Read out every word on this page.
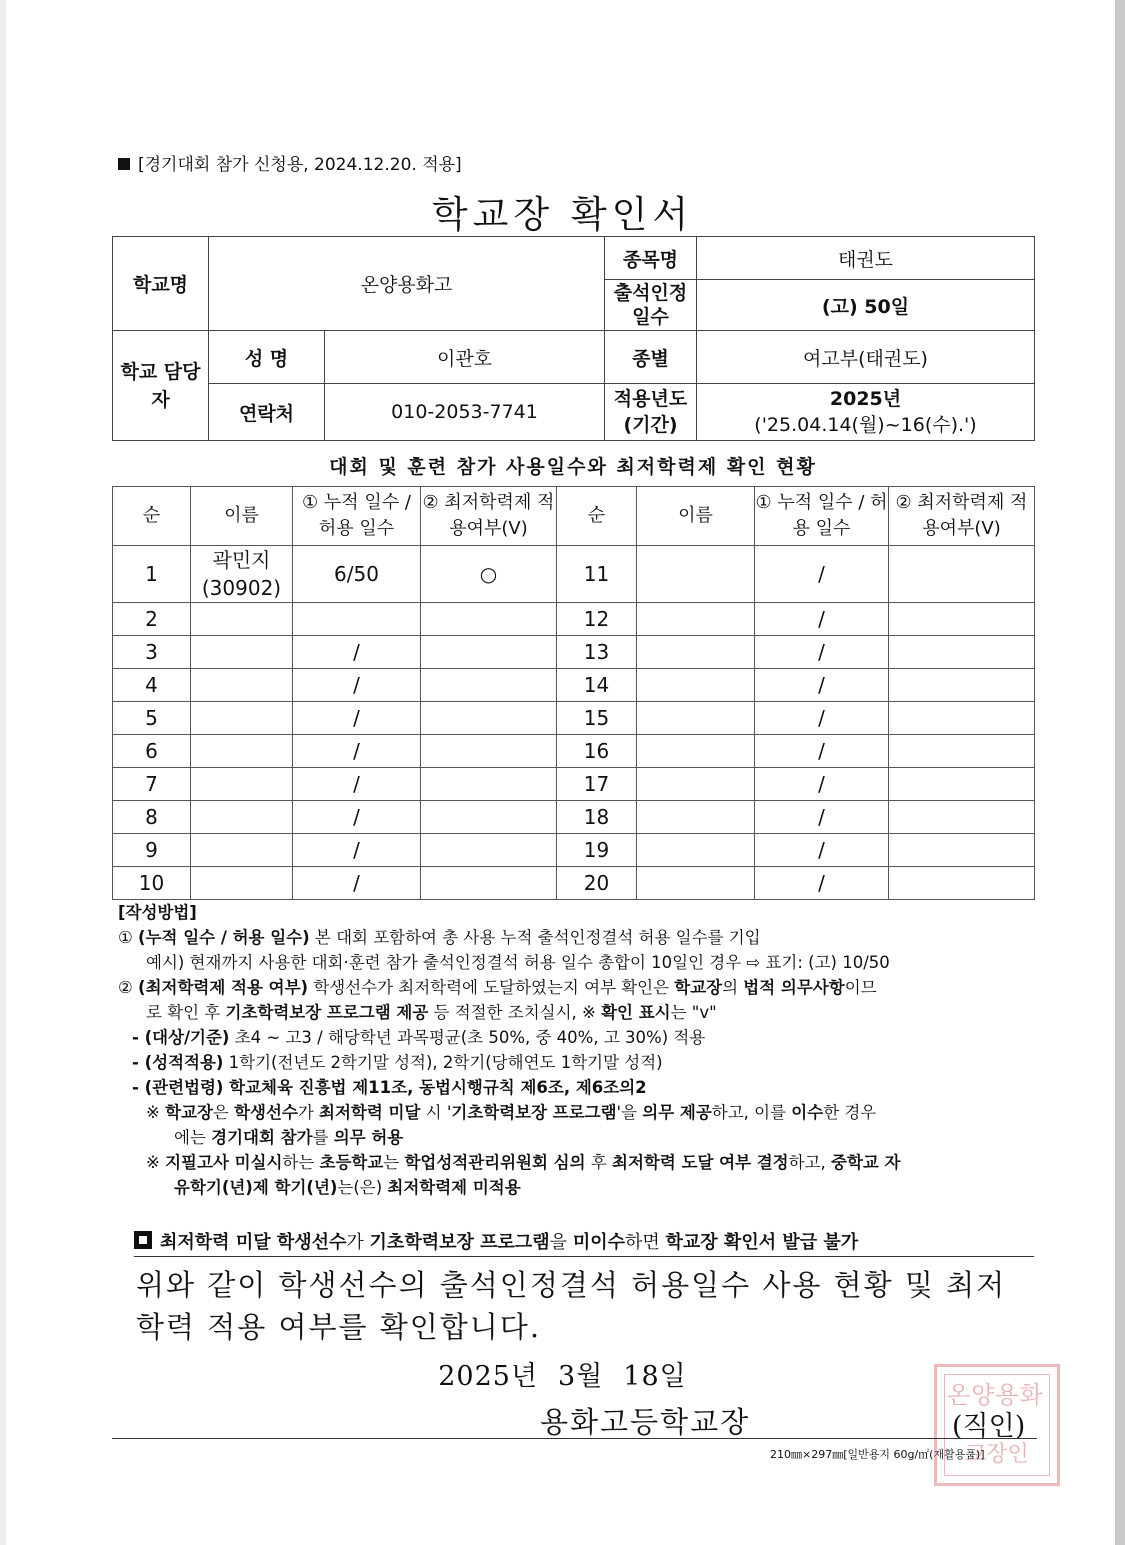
[경기대회 참가 신청용, 2024.12.20. 적용]
학교장 확인서
학교명	온양용화고		종목명	태권도
			출석인정 일수	(고) 50일
학교 담당자	성 명	이관호	종별	여고부(태권도)
	연락처	010-2053-7741	적용년도 (기간)	2025년
('25.04.14(월)~16(수).')
대회 및 훈련 참가 사용일수와 최저학력제 확인 현황
순	이름	① 누적 일수 / 허용 일수	② 최저학력제 적용여부(V)	순	이름	① 누적 일수 / 허용 일수	② 최저학력제 적용여부(V)
1	곽민지 (30902)	6/50	○	11		/	
2				12		/	
3		/		13		/	
4		/		14		/	
5		/		15		/	
6		/		16		/	
7		/		17		/	
8		/		18		/	
9		/		19		/	
10		/		20		/	

[작성방법]

① (누적 일수 / 허용 일수) 본 대회 포함하여 총 사용 누적 출석인정결석 허용 일수를 기입

예시) 현재까지 사용한 대회·훈련 참가 출석인정결석 허용 일수 총합이 10일인 경우 ⇨ 표기: (고) 10/50

② (최저학력제 적용 여부) 학생선수가 최저학력에 도달하였는지 여부 확인은 학교장의 법적 의무사항이므

로 확인 후 기초학력보장 프로그램 제공 등 적절한 조치실시, ※ 확인 표시는 "v"

- (대상/기준) 초4 ~ 고3 / 해당학년 과목평균(초 50%, 중 40%, 고 30%) 적용

- (성적적용) 1학기(전년도 2학기말 성적), 2학기(당해연도 1학기말 성적)

- (관련법령) 학교체육 진흥법 제11조, 동법시행규칙 제6조, 제6조의2

※ 학교장은 학생선수가 최저학력 미달 시 '기초학력보장 프로그램'을 의무 제공하고, 이를 이수한 경우

에는 경기대회 참가를 의무 허용

※ 지필고사 미실시하는 초등학교는 학업성적관리위원회 심의 후 최저학력 도달 여부 결정하고, 중학교 자

유학기(년)제 학기(년)는(은) 최저학력제 미적용

최저학력 미달 학생선수가 기초학력보장 프로그램을 미이수하면 학교장 확인서 발급 불가
위와 같이 학생선수의 출석인정결석 허용일수 사용 현황 및 최저학력 적용 여부를 확인합니다.
2025년 3월 18일
용화고등학교장
온양용화
교장인
(직인)
210㎜×297㎜[일반용지 60g/㎡(재활용품)]
